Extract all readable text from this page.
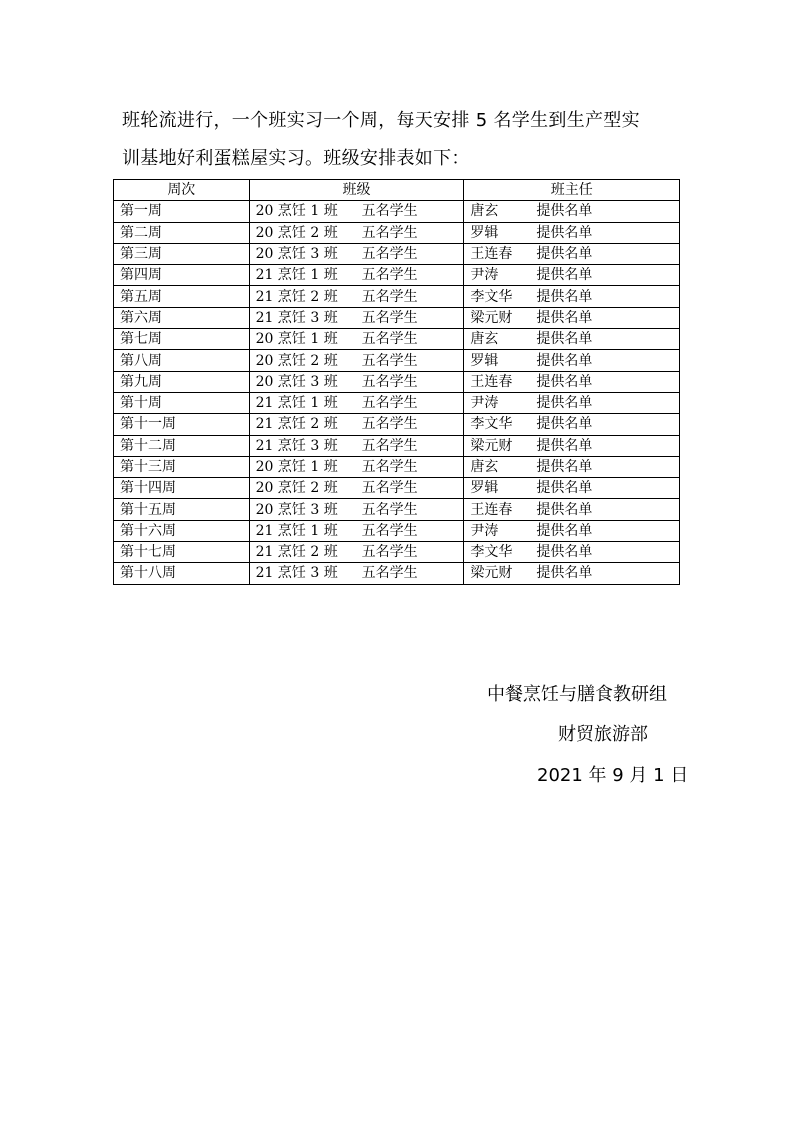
班轮流进行，一个班实习一个周，每天安排 5 名学生到生产型实
训基地好利蛋糕屋实习。班级安排表如下：
周次	班级	班主任
第一周	20 烹饪 1 班 五名学生	唐玄 提供名单
第二周	20 烹饪 2 班 五名学生	罗辑 提供名单
第三周	20 烹饪 3 班 五名学生	王连春 提供名单
第四周	21 烹饪 1 班 五名学生	尹涛 提供名单
第五周	21 烹饪 2 班 五名学生	李文华 提供名单
第六周	21 烹饪 3 班 五名学生	梁元财 提供名单
第七周	20 烹饪 1 班 五名学生	唐玄 提供名单
第八周	20 烹饪 2 班 五名学生	罗辑 提供名单
第九周	20 烹饪 3 班 五名学生	王连春 提供名单
第十周	21 烹饪 1 班 五名学生	尹涛 提供名单
第十一周	21 烹饪 2 班 五名学生	李文华 提供名单
第十二周	21 烹饪 3 班 五名学生	梁元财 提供名单
第十三周	20 烹饪 1 班 五名学生	唐玄 提供名单
第十四周	20 烹饪 2 班 五名学生	罗辑 提供名单
第十五周	20 烹饪 3 班 五名学生	王连春 提供名单
第十六周	21 烹饪 1 班 五名学生	尹涛 提供名单
第十七周	21 烹饪 2 班 五名学生	李文华 提供名单
第十八周	21 烹饪 3 班 五名学生	梁元财 提供名单
中餐烹饪与膳食教研组
财贸旅游部
2021 年 9 月 1 日
